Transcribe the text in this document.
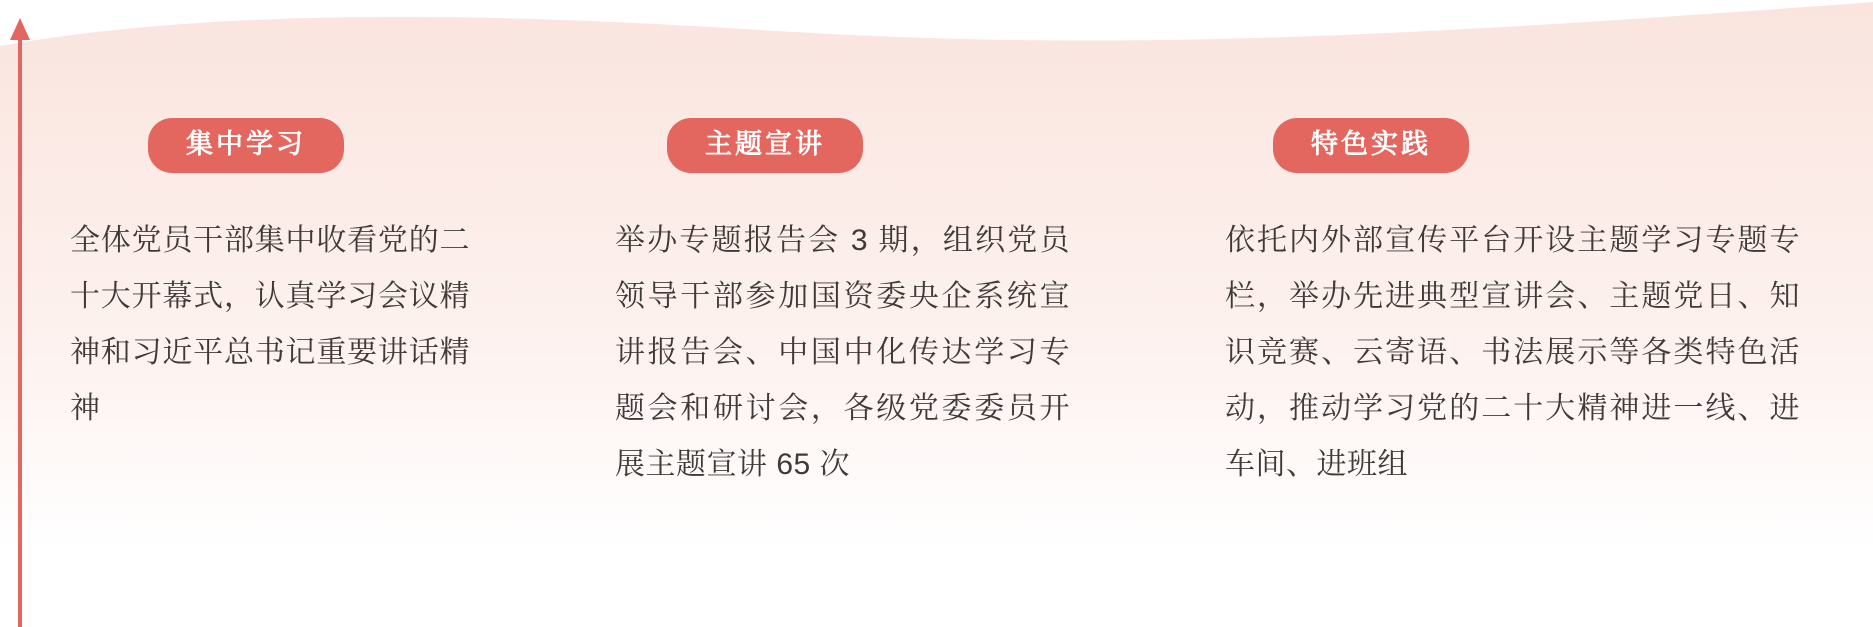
集中学习
全体党员干部集中收看党的二十大开幕式，认真学习会议精神和习近平总书记重要讲话精神
主题宣讲
举办专题报告会 3 期，组织党员领导干部参加国资委央企系统宣讲报告会、中国中化传达学习专题会和研讨会，各级党委委员开展主题宣讲 65 次
特色实践
依托内外部宣传平台开设主题学习专题专栏，举办先进典型宣讲会、主题党日、知识竞赛、云寄语、书法展示等各类特色活动，推动学习党的二十大精神进一线、进车间、进班组
